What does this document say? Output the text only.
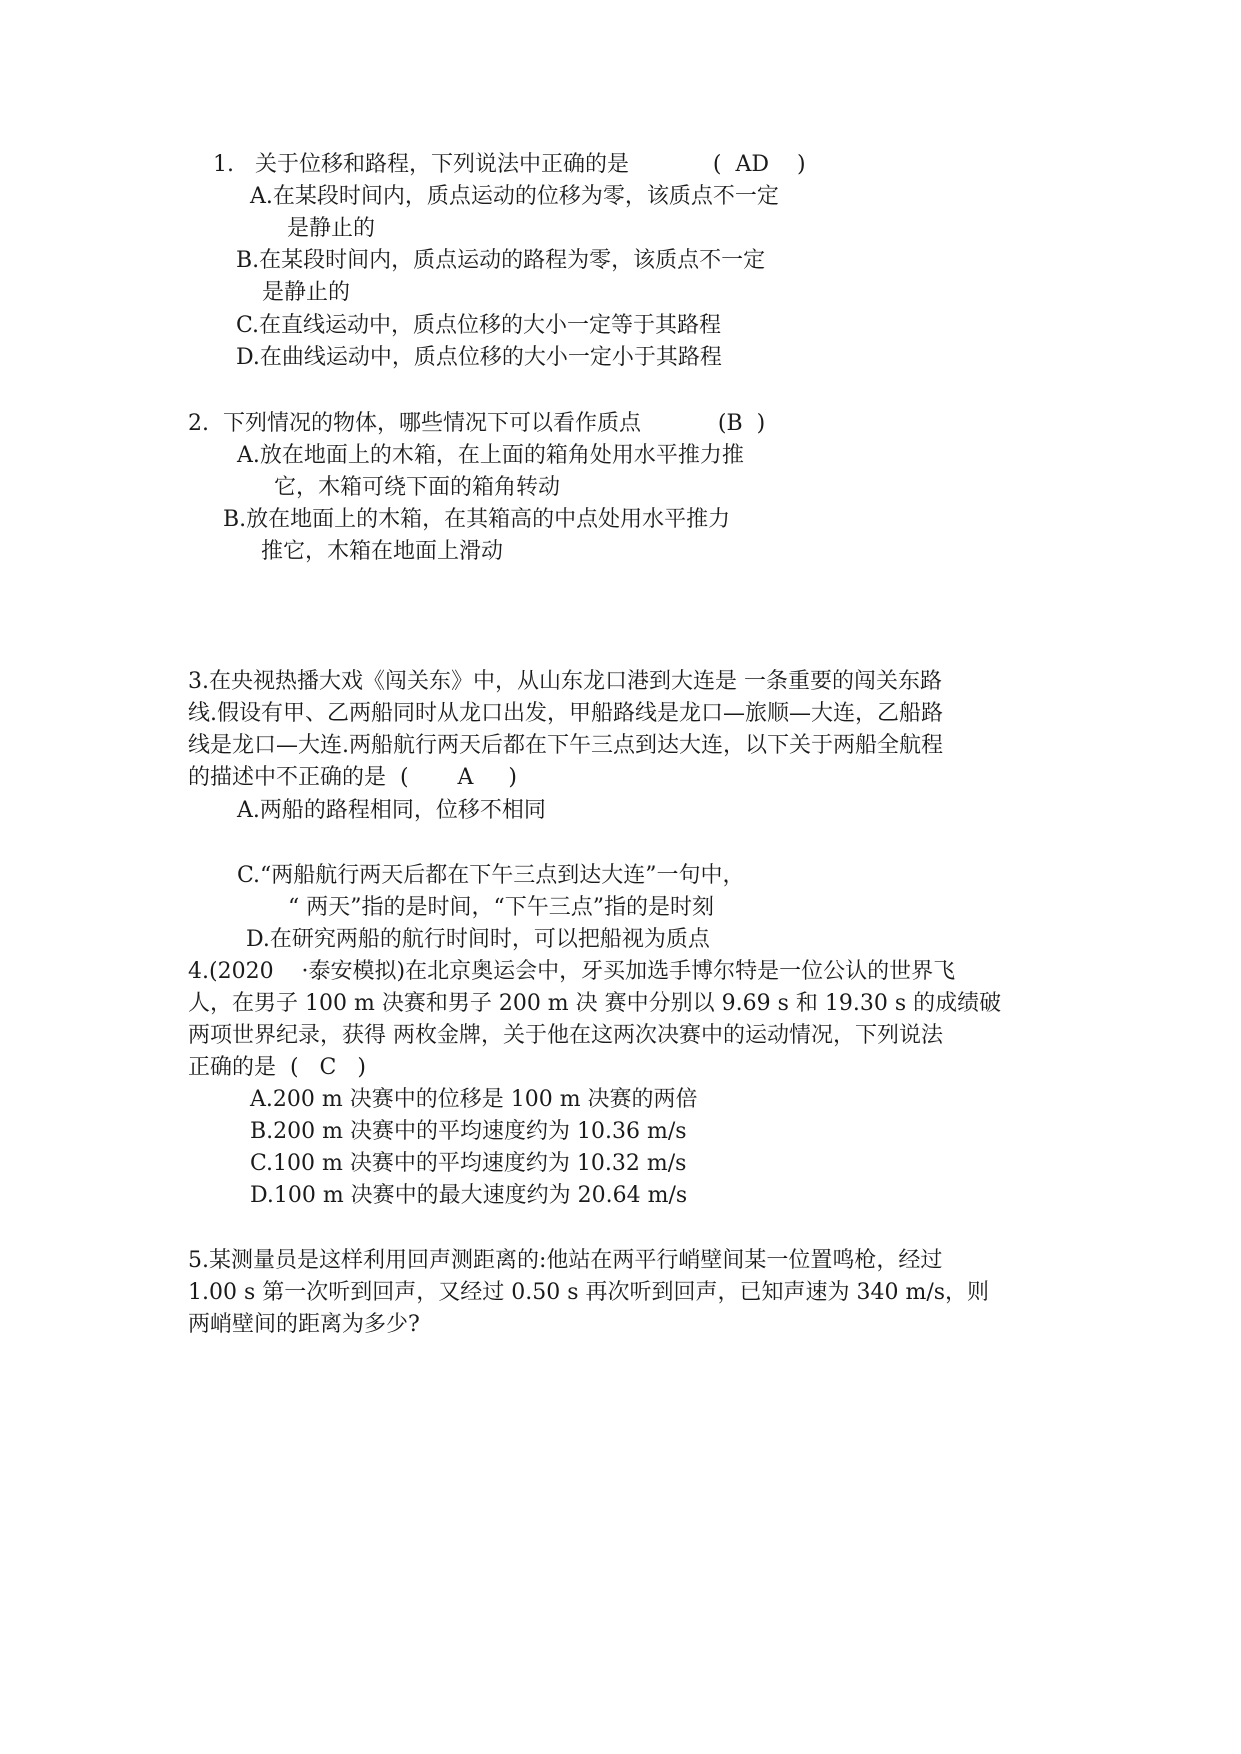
1.   关于位移和路程，下列说法中正确的是            (  AD    )
A.在某段时间内，质点运动的位移为零，该质点不一定
是静止的
B.在某段时间内，质点运动的路程为零，该质点不一定
是静止的
C.在直线运动中，质点位移的大小一定等于其路程
D.在曲线运动中，质点位移的大小一定小于其路程
2.  下列情况的物体，哪些情况下可以看作质点           (B  )
A.放在地面上的木箱，在上面的箱角处用水平推力推
它，木箱可绕下面的箱角转动
B.放在地面上的木箱，在其箱高的中点处用水平推力
推它，木箱在地面上滑动
3.在央视热播大戏《闯关东》中，从山东龙口港到大连是 一条重要的闯关东路
线.假设有甲、乙两船同时从龙口出发，甲船路线是龙口—旅顺—大连，乙船路
线是龙口—大连.两船航行两天后都在下午三点到达大连，以下关于两船全航程
的描述中不正确的是  (       A     )
A.两船的路程相同，位移不相同
C.“两船航行两天后都在下午三点到达大连”一句中，
“ 两天”指的是时间，“下午三点”指的是时刻
D.在研究两船的航行时间时，可以把船视为质点
4.(2020    ·泰安模拟)在北京奥运会中，牙买加选手博尔特是一位公认的世界飞
人，在男子 100 m 决赛和男子 200 m 决 赛中分别以 9.69 s 和 19.30 s 的成绩破
两项世界纪录，获得 两枚金牌，关于他在这两次决赛中的运动情况，下列说法
正确的是  (   C   )
A.200 m 决赛中的位移是 100 m 决赛的两倍
B.200 m 决赛中的平均速度约为 10.36 m/s
C.100 m 决赛中的平均速度约为 10.32 m/s
D.100 m 决赛中的最大速度约为 20.64 m/s
5.某测量员是这样利用回声测距离的:他站在两平行峭壁间某一位置鸣枪，经过
1.00 s 第一次听到回声，又经过 0.50 s 再次听到回声，已知声速为 340 m/s，则
两峭壁间的距离为多少?
